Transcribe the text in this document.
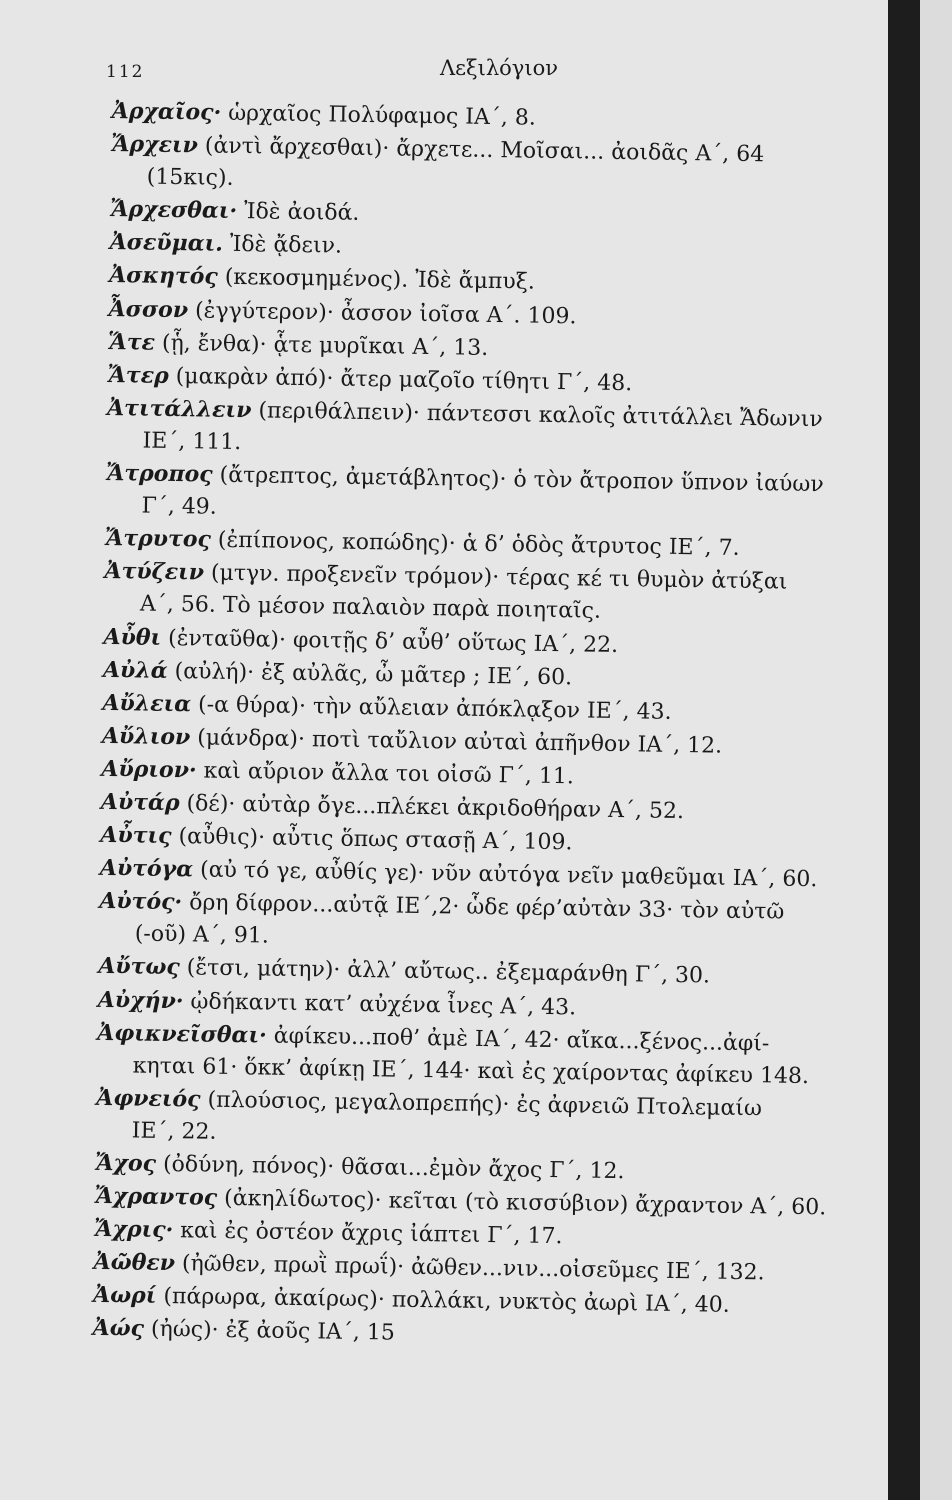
112	Λεξιλόγιον
Ἀρχαῖος· ὡρχαῖος Πολύφαμος ΙΑ΄, 8.
Ἄρχειν (ἀντὶ ἄρχεσθαι)· ἄρχετε... Μοῖσαι... ἀοιδᾶς Α΄, 64
(15κις).
Ἄρχεσθαι· Ἰδὲ ἀοιδά.
Ἀσεῦμαι. Ἰδὲ ᾄδειν.
Ἀσκητός (κεκοσμημένος). Ἰδὲ ἄμπυξ.
Ἆσσον (ἐγγύτερον)· ἆσσον ἰοῖσα Α΄. 109.
Ἅτε (ᾗ, ἔνθα)· ᾇτε μυρῖκαι Α΄, 13.
Ἄτερ (μακρὰν ἀπό)· ἄτερ μαζοῖο τίθητι Γ΄, 48.
Ἀτιτάλλειν (περιθάλπειν)· πάντεσσι καλοῖς ἀτιτάλλει Ἄδωνιν
ΙΕ΄, 111.
Ἄτροπος (ἄτρεπτος, ἀμετάβλητος)· ὁ τὸν ἄτροπον ὕπνον ἰαύων
Γ΄, 49.
Ἄτρυτος (ἐπίπονος, κοπώδης)· ἁ δ’ ὁδὸς ἄτρυτος ΙΕ΄, 7.
Ἀτύζειν (μτγν. προξενεῖν τρόμον)· τέρας κέ τι θυμὸν ἀτύξαι
Α΄, 56. Τὸ μέσον παλαιὸν παρὰ ποιηταῖς.
Αὖθι (ἐνταῦθα)· φοιτῇς δ’ αὖθ’ οὕτως ΙΑ΄, 22.
Αὐλά (αὐλή)· ἐξ αὐλᾶς, ὦ μᾶτερ ; ΙΕ΄, 60.
Αὔλεια (-α θύρα)· τὴν αὔλειαν ἀπόκλᾳξον ΙΕ΄, 43.
Αὔλιον (μάνδρα)· ποτὶ ταὔλιον αὐταὶ ἀπῆνθον ΙΑ΄, 12.
Αὔριον· καὶ αὔριον ἄλλα τοι οἰσῶ Γ΄, 11.
Αὐτάρ (δέ)· αὐτὰρ ὄγε...πλέκει ἀκριδοθήραν Α΄, 52.
Αὖτις (αὖθις)· αὖτις ὅπως στασῇ Α΄, 109.
Αὐτόγα (αὐ τό γε, αὖθίς γε)· νῦν αὐτόγα νεῖν μαθεῦμαι ΙΑ΄, 60.
Αὐτός· ὄρη δίφρον...αὐτᾷ ΙΕ΄,2· ὧδε φέρ’αὐτὰν 33· τὸν αὐτῶ
(-οῦ) Α΄, 91.
Αὔτως (ἔτσι, μάτην)· ἀλλ’ αὔτως.. ἐξεμαράνθη Γ΄, 30.
Αὐχήν· ᾠδήκαντι κατ’ αὐχένα ἶνες Α΄, 43.
Ἀφικνεῖσθαι· ἀφίκευ...ποθ’ ἀμὲ ΙΑ΄, 42· αἴκα...ξένος...ἀφί-
κηται 61· ὅκκ’ ἀφίκῃ ΙΕ΄, 144· καὶ ἐς χαίροντας ἀφίκευ 148.
Ἀφνειός (πλούσιος, μεγαλοπρεπής)· ἐς ἀφνειῶ Πτολεμαίω
ΙΕ΄, 22.
Ἄχος (ὀδύνη, πόνος)· θᾶσαι...ἐμὸν ἄχος Γ΄, 12.
Ἄχραντος (ἀκηλίδωτος)· κεῖται (τὸ κισσύβιον) ἄχραντον Α΄, 60.
Ἄχρις· καὶ ἐς ὀστέον ἄχρις ἰάπτει Γ΄, 17.
Ἀῶθεν (ἠῶθεν, πρωῒ πρωΐ)· ἀῶθεν...νιν...οἰσεῦμες ΙΕ΄, 132.
Ἀωρί (πάρωρα, ἀκαίρως)· πολλάκι, νυκτὸς ἀωρὶ ΙΑ΄, 40.
Ἀώς (ἠώς)· ἐξ ἀοῦς ΙΑ΄, 15
